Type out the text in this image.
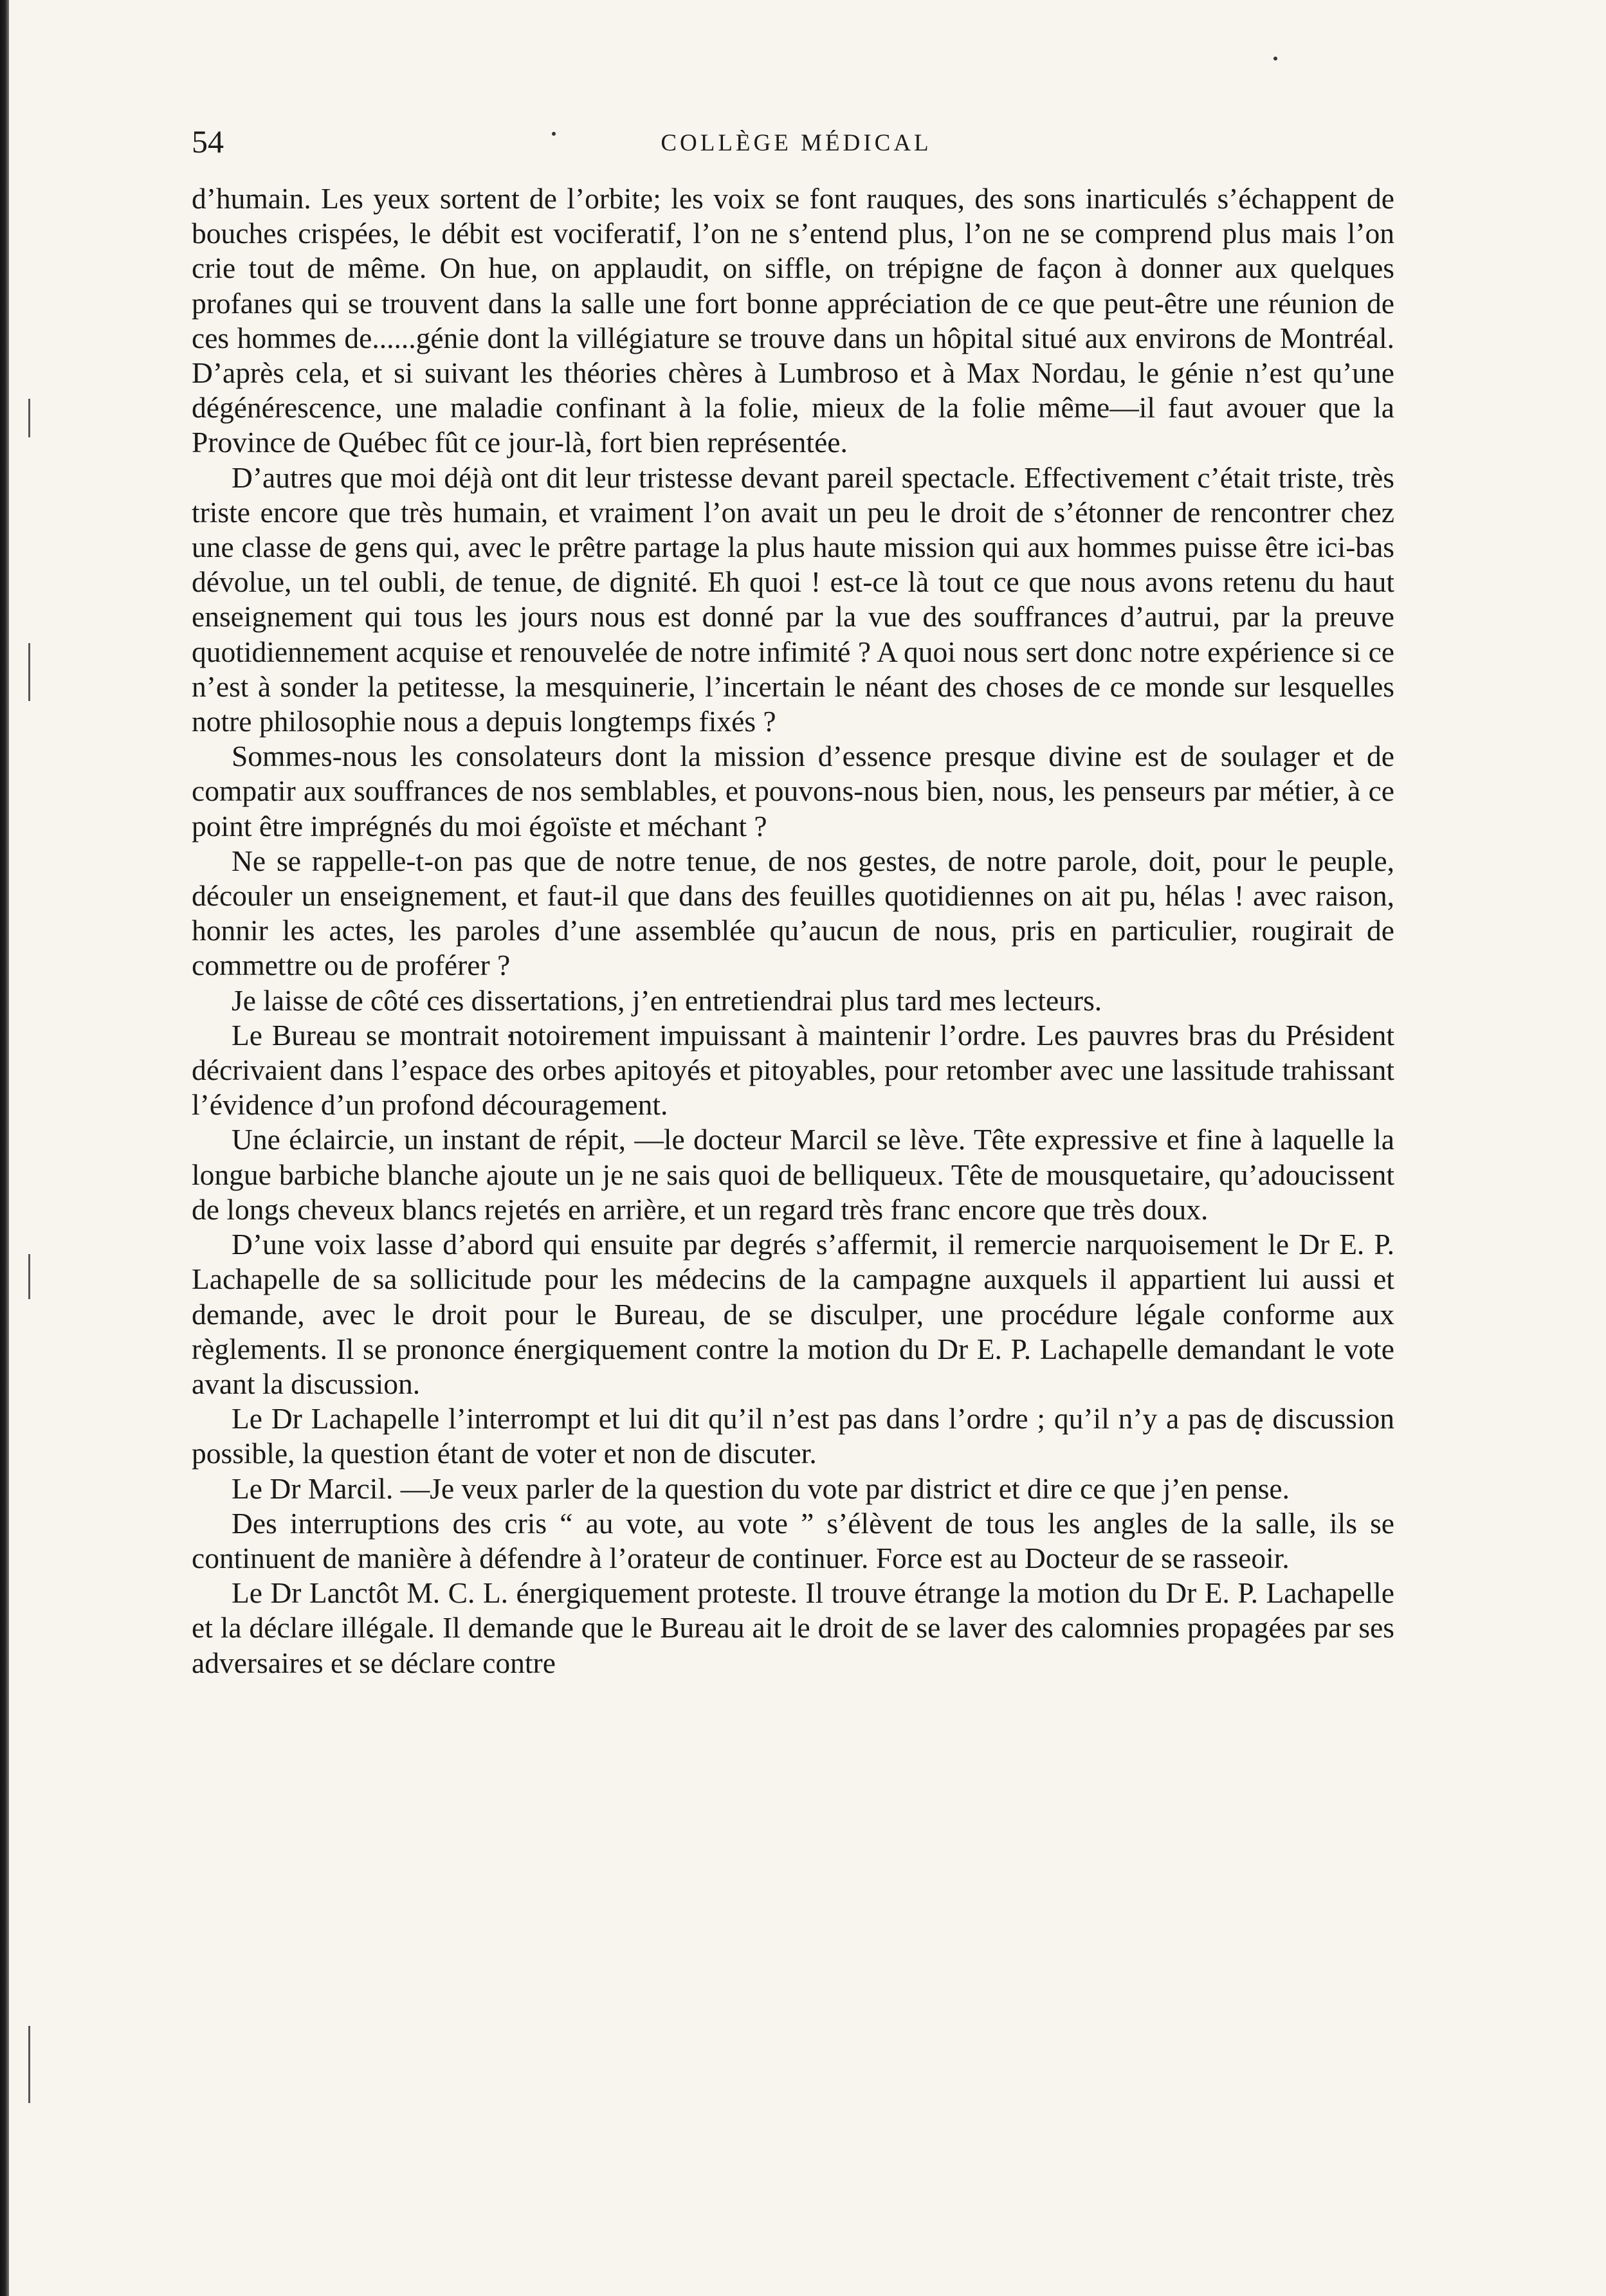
54	COLLÈGE MÉDICAL

d’humain. Les yeux sortent de l’orbite; les voix se font rauques, des sons inarticulés s’échappent de bouches crispées, le débit est vociferatif, l’on ne s’entend plus, l’on ne se comprend plus mais l’on crie tout de même. On hue, on applaudit, on siffle, on trépigne de façon à donner aux quelques profanes qui se trouvent dans la salle une fort bonne appréciation de ce que peut-être une réunion de ces hommes de......génie dont la villégiature se trouve dans un hôpital situé aux environs de Montréal. D’après cela, et si suivant les théories chères à Lumbroso et à Max Nordau, le génie n’est qu’une dégénérescence, une maladie confinant à la folie, mieux de la folie même—il faut avouer que la Province de Québec fût ce jour-là, fort bien représentée.

D’autres que moi déjà ont dit leur tristesse devant pareil spectacle. Effectivement c’était triste, très triste encore que très humain, et vraiment l’on avait un peu le droit de s’étonner de rencontrer chez une classe de gens qui, avec le prêtre partage la plus haute mission qui aux hommes puisse être ici-bas dévolue, un tel oubli, de tenue, de dignité. Eh quoi ! est-ce là tout ce que nous avons retenu du haut enseignement qui tous les jours nous est donné par la vue des souffrances d’autrui, par la preuve quotidiennement acquise et renouvelée de notre infimité ? A quoi nous sert donc notre expérience si ce n’est à sonder la petitesse, la mesquinerie, l’incertain le néant des choses de ce monde sur lesquelles notre philosophie nous a depuis longtemps fixés ?

Sommes-nous les consolateurs dont la mission d’essence presque divine est de soulager et de compatir aux souffrances de nos semblables, et pouvons-nous bien, nous, les penseurs par métier, à ce point être imprégnés du moi égoïste et méchant ?

Ne se rappelle-t-on pas que de notre tenue, de nos gestes, de notre parole, doit, pour le peuple, découler un enseignement, et faut-il que dans des feuilles quotidiennes on ait pu, hélas ! avec raison, honnir les actes, les paroles d’une assemblée qu’aucun de nous, pris en particulier, rougirait de commettre ou de proférer ?

Je laisse de côté ces dissertations, j’en entretiendrai plus tard mes lecteurs.

Le Bureau se montrait notoirement impuissant à maintenir l’ordre. Les pauvres bras du Président décrivaient dans l’espace des orbes apitoyés et pitoyables, pour retomber avec une lassitude trahissant l’évidence d’un profond découragement.

Une éclaircie, un instant de répit, —le docteur Marcil se lève. Tête expressive et fine à laquelle la longue barbiche blanche ajoute un je ne sais quoi de belliqueux. Tête de mousquetaire, qu’adoucissent de longs cheveux blancs rejetés en arrière, et un regard très franc encore que très doux.

D’une voix lasse d’abord qui ensuite par degrés s’affermit, il remercie narquoisement le Dr E. P. Lachapelle de sa sollicitude pour les médecins de la campagne auxquels il appartient lui aussi et demande, avec le droit pour le Bureau, de se disculper, une procédure légale conforme aux règlements. Il se prononce énergiquement contre la motion du Dr E. P. Lachapelle demandant le vote avant la discussion.

Le Dr Lachapelle l’interrompt et lui dit qu’il n’est pas dans l’ordre ; qu’il n’y a pas de discussion possible, la question étant de voter et non de discuter.

Le Dr Marcil. —Je veux parler de la question du vote par district et dire ce que j’en pense.

Des interruptions des cris “ au vote, au vote ” s’élèvent de tous les angles de la salle, ils se continuent de manière à défendre à l’orateur de continuer. Force est au Docteur de se rasseoir.

Le Dr Lanctôt M. C. L. énergiquement proteste. Il trouve étrange la motion du Dr E. P. Lachapelle et la déclare illégale. Il demande que le Bureau ait le droit de se laver des calomnies propagées par ses adversaires et se déclare contre
